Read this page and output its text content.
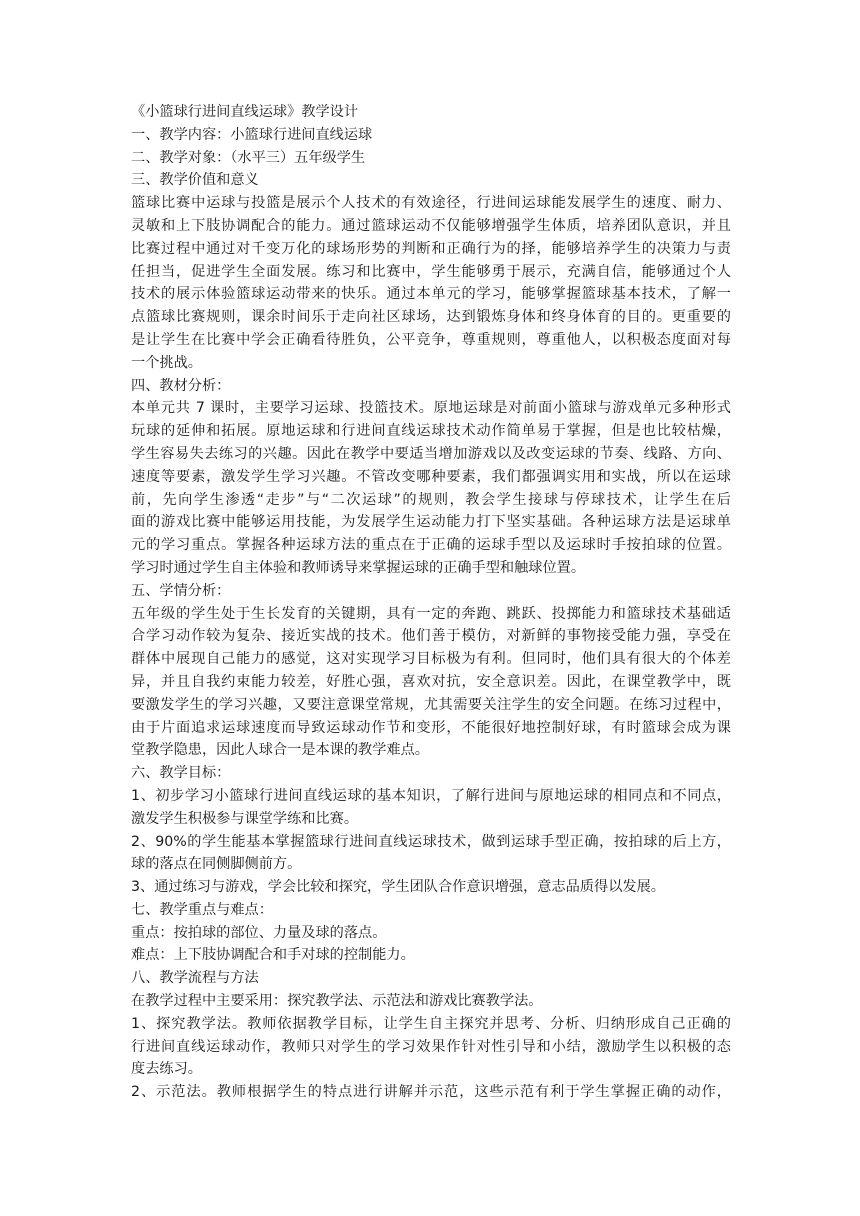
《小篮球行进间直线运球》教学设计
一、教学内容：小篮球行进间直线运球
二、教学对象：（水平三）五年级学生
三、教学价值和意义
篮球比赛中运球与投篮是展示个人技术的有效途径，行进间运球能发展学生的速度、耐力、
灵敏和上下肢协调配合的能力。通过篮球运动不仅能够增强学生体质，培养团队意识，并且
比赛过程中通过对千变万化的球场形势的判断和正确行为的择，能够培养学生的决策力与责
任担当，促进学生全面发展。练习和比赛中，学生能够勇于展示，充满自信，能够通过个人
技术的展示体验篮球运动带来的快乐。通过本单元的学习，能够掌握篮球基本技术，了解一
点篮球比赛规则，课余时间乐于走向社区球场，达到锻炼身体和终身体育的目的。更重要的
是让学生在比赛中学会正确看待胜负，公平竞争，尊重规则，尊重他人，以积极态度面对每
一个挑战。
四、教材分析：
本单元共 7 课时，主要学习运球、投篮技术。原地运球是对前面小篮球与游戏单元多种形式
玩球的延伸和拓展。原地运球和行进间直线运球技术动作简单易于掌握，但是也比较枯燥，
学生容易失去练习的兴趣。因此在教学中要适当增加游戏以及改变运球的节奏、线路、方向、
速度等要素，激发学生学习兴趣。不管改变哪种要素，我们都强调实用和实战，所以在运球
前，先向学生渗透“走步”与“二次运球”的规则，教会学生接球与停球技术，让学生在后
面的游戏比赛中能够运用技能，为发展学生运动能力打下坚实基础。各种运球方法是运球单
元的学习重点。掌握各种运球方法的重点在于正确的运球手型以及运球时手按拍球的位置。
学习时通过学生自主体验和教师诱导来掌握运球的正确手型和触球位置。
五、学情分析：
五年级的学生处于生长发育的关键期，具有一定的奔跑、跳跃、投掷能力和篮球技术基础适
合学习动作较为复杂、接近实战的技术。他们善于模仿，对新鲜的事物接受能力强，享受在
群体中展现自己能力的感觉，这对实现学习目标极为有利。但同时，他们具有很大的个体差
异，并且自我约束能力较差，好胜心强，喜欢对抗，安全意识差。因此，在课堂教学中，既
要激发学生的学习兴趣，又要注意课堂常规，尤其需要关注学生的安全问题。在练习过程中，
由于片面追求运球速度而导致运球动作节和变形，不能很好地控制好球，有时篮球会成为课
堂教学隐患，因此人球合一是本课的教学难点。
六、教学目标：
1、初步学习小篮球行进间直线运球的基本知识，了解行进间与原地运球的相同点和不同点，
激发学生积极参与课堂学练和比赛。
2、90%的学生能基本掌握篮球行进间直线运球技术，做到运球手型正确，按拍球的后上方，
球的落点在同侧脚侧前方。
3、通过练习与游戏，学会比较和探究，学生团队合作意识增强，意志品质得以发展。
七、教学重点与难点：
重点：按拍球的部位、力量及球的落点。
难点：上下肢协调配合和手对球的控制能力。
八、教学流程与方法
在教学过程中主要采用：探究教学法、示范法和游戏比赛教学法。
1、探究教学法。教师依据教学目标，让学生自主探究并思考、分析、归纳形成自己正确的
行进间直线运球动作，教师只对学生的学习效果作针对性引导和小结，激励学生以积极的态
度去练习。
2、示范法。教师根据学生的特点进行讲解并示范，这些示范有利于学生掌握正确的动作，
